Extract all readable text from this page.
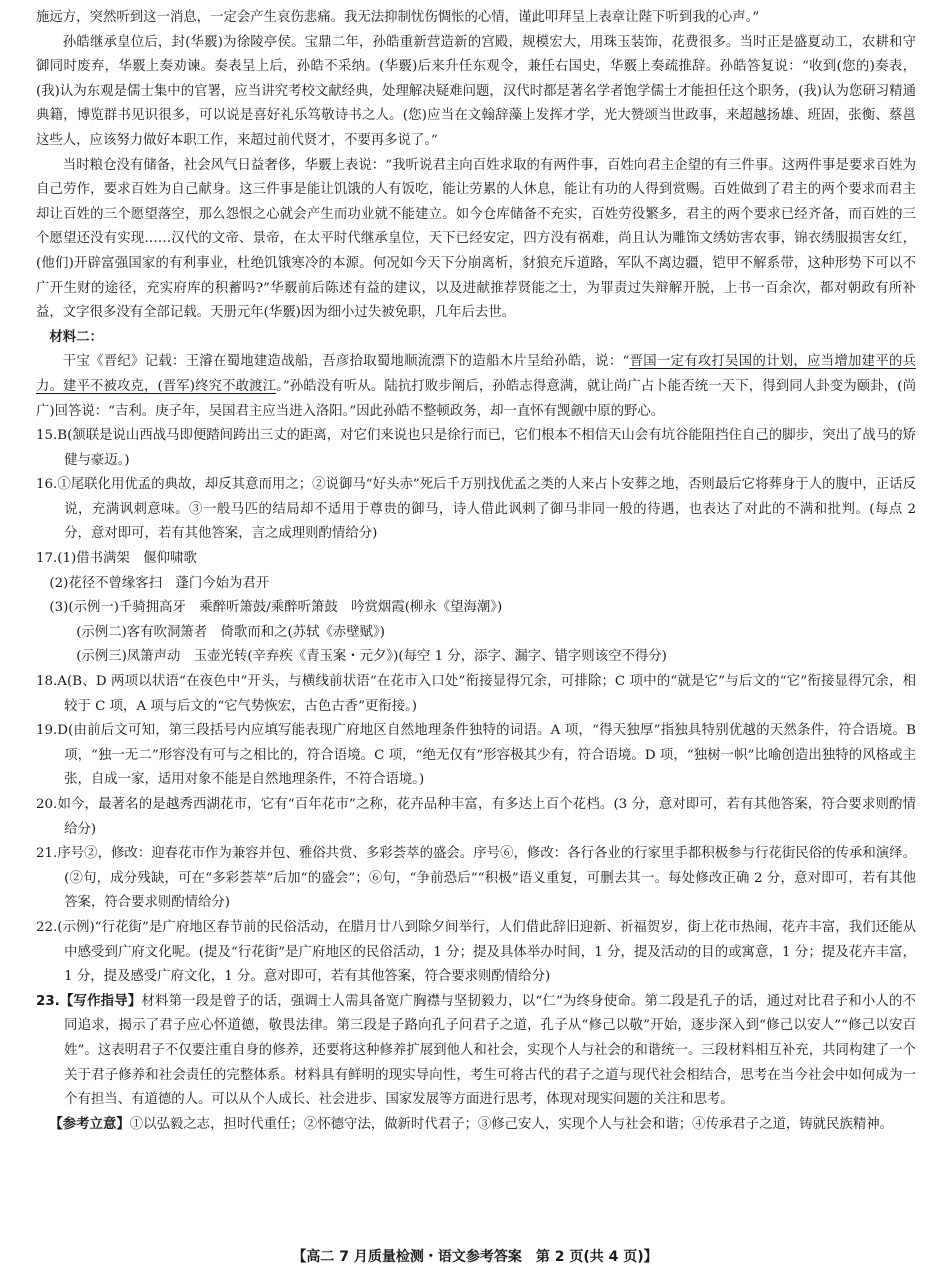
施远方，突然听到这一消息，一定会产生哀伤悲痛。我无法抑制忧伤惆怅的心情，谨此叩拜呈上表章让陛下听到我的心声。”

孙皓继承皇位后，封(华覈)为徐陵亭侯。宝鼎二年，孙皓重新营造新的宫殿，规模宏大，用珠玉装饰，花费很多。当时正是盛夏动工，农耕和守御同时废弃，华覈上奏劝谏。奏表呈上后，孙皓不采纳。(华覈)后来升任东观令，兼任右国史，华覈上奏疏推辞。孙皓答复说：“收到(您的)奏表，(我)认为东观是儒士集中的官署，应当讲究考校文献经典，处理解决疑难问题，汉代时都是著名学者饱学儒士才能担任这个职务，(我)认为您研习精通典籍，博览群书见识很多，可以说是喜好礼乐笃敬诗书之人。(您)应当在文翰辞藻上发挥才学，光大赞颂当世政事，来超越扬雄、班固，张衡、蔡邕这些人，应该努力做好本职工作，来超过前代贤才，不要再多说了。”

当时粮仓没有储备，社会风气日益奢侈，华覈上表说：“我听说君主向百姓求取的有两件事，百姓向君主企望的有三件事。这两件事是要求百姓为自己劳作，要求百姓为自己献身。这三件事是能让饥饿的人有饭吃，能让劳累的人休息，能让有功的人得到赏赐。百姓做到了君主的两个要求而君主却让百姓的三个愿望落空，那么怨恨之心就会产生而功业就不能建立。如今仓库储备不充实，百姓劳役繁多，君主的两个要求已经齐备，而百姓的三个愿望还没有实现……汉代的文帝、景帝，在太平时代继承皇位，天下已经安定，四方没有祸难，尚且认为雕饰文绣妨害农事，锦衣绣服损害女红，(他们)开辟富强国家的有利事业，杜绝饥饿寒冷的本源。何况如今天下分崩离析，豺狼充斥道路，军队不离边疆，铠甲不解系带，这种形势下可以不广开生财的途径，充实府库的积蓄吗?”华覈前后陈述有益的建议，以及进献推荐贤能之士，为罪责过失辩解开脱，上书一百余次，都对朝政有所补益，文字很多没有全部记载。天册元年(华覈)因为细小过失被免职，几年后去世。

材料二：

干宝《晋纪》记载：王濬在蜀地建造战船，吾彦拾取蜀地顺流漂下的造船木片呈给孙皓，说：“晋国一定有攻打吴国的计划，应当增加建平的兵力。建平不被攻克，(晋军)终究不敢渡江。”孙皓没有听从。陆抗打败步阐后，孙皓志得意满，就让尚广占卜能否统一天下，得到同人卦变为颐卦，(尚广)回答说：“吉利。庚子年，吴国君主应当进入洛阳。”因此孙皓不整顿政务，却一直怀有觊觎中原的野心。

15.B(颔联是说山西战马即便踏间跨出三丈的距离，对它们来说也只是徐行而已，它们根本不相信天山会有坑谷能阻挡住自己的脚步，突出了战马的矫健与豪迈。)

16.①尾联化用优孟的典故，却反其意而用之；②说御马“好头赤”死后千万别找优孟之类的人来占卜安葬之地，否则最后它将葬身于人的腹中，正话反说，充满讽刺意味。③一般马匹的结局却不适用于尊贵的御马，诗人借此讽刺了御马非同一般的待遇，也表达了对此的不满和批判。(每点 2 分，意对即可，若有其他答案，言之成理则酌情给分)

17.(1)借书满架　偃仰啸歌

(2)花径不曾缘客扫　蓬门今始为君开

(3)(示例一)千骑拥高牙　乘醉听箫鼓/乘醉听箫鼓　吟赏烟霞(柳永《望海潮》)

(示例二)客有吹洞箫者　倚歌而和之(苏轼《赤壁赋》)

(示例三)凤箫声动　玉壶光转(辛弃疾《青玉案・元夕》)(每空 1 分，添字、漏字、错字则该空不得分)

18.A(B、D 两项以状语“在夜色中”开头，与横线前状语“在花市入口处”衔接显得冗余，可排除；C 项中的“就是它”与后文的“它”衔接显得冗余，相较于 C 项，A 项与后文的“它气势恢宏，古色古香”更衔接。)

19.D(由前后文可知，第三段括号内应填写能表现广府地区自然地理条件独特的词语。A 项，“得天独厚”指独具特别优越的天然条件，符合语境。B 项，“独一无二”形容没有可与之相比的，符合语境。C 项，“绝无仅有”形容极其少有，符合语境。D 项，“独树一帜”比喻创造出独特的风格或主张，自成一家，适用对象不能是自然地理条件，不符合语境。)

20.如今，最著名的是越秀西湖花市，它有“百年花市”之称，花卉品种丰富，有多达上百个花档。(3 分，意对即可，若有其他答案，符合要求则酌情给分)

21.序号②，修改：迎春花市作为兼容并包、雅俗共赏、多彩荟萃的盛会。序号⑥，修改：各行各业的行家里手都积极参与行花街民俗的传承和演绎。(②句，成分残缺，可在“多彩荟萃”后加“的盛会”；⑥句，“争前恐后”“积极”语义重复，可删去其一。每处修改正确 2 分，意对即可，若有其他答案，符合要求则酌情给分)

22.(示例)“行花街”是广府地区春节前的民俗活动，在腊月廿八到除夕间举行，人们借此辞旧迎新、祈福贺岁，街上花市热闹，花卉丰富，我们还能从中感受到广府文化呢。(提及“行花街”是广府地区的民俗活动，1 分；提及具体举办时间，1 分，提及活动的目的或寓意，1 分；提及花卉丰富，1 分，提及感受广府文化，1 分。意对即可，若有其他答案，符合要求则酌情给分)

23.【写作指导】材料第一段是曾子的话，强调士人需具备宽广胸襟与坚韧毅力，以“仁”为终身使命。第二段是孔子的话，通过对比君子和小人的不同追求，揭示了君子应心怀道德，敬畏法律。第三段是子路向孔子问君子之道，孔子从“修己以敬”开始，逐步深入到“修己以安人”“修己以安百姓”。这表明君子不仅要注重自身的修养，还要将这种修养扩展到他人和社会，实现个人与社会的和谐统一。三段材料相互补充，共同构建了一个关于君子修养和社会责任的完整体系。材料具有鲜明的现实导向性，考生可将古代的君子之道与现代社会相结合，思考在当今社会中如何成为一个有担当、有道德的人。可以从个人成长、社会进步、国家发展等方面进行思考，体现对现实问题的关注和思考。

【参考立意】①以弘毅之志，担时代重任；②怀德守法，做新时代君子；③修己安人，实现个人与社会和谐；④传承君子之道，铸就民族精神。

【高二 7 月质量检测・语文参考答案　第 2 页(共 4 页)】
